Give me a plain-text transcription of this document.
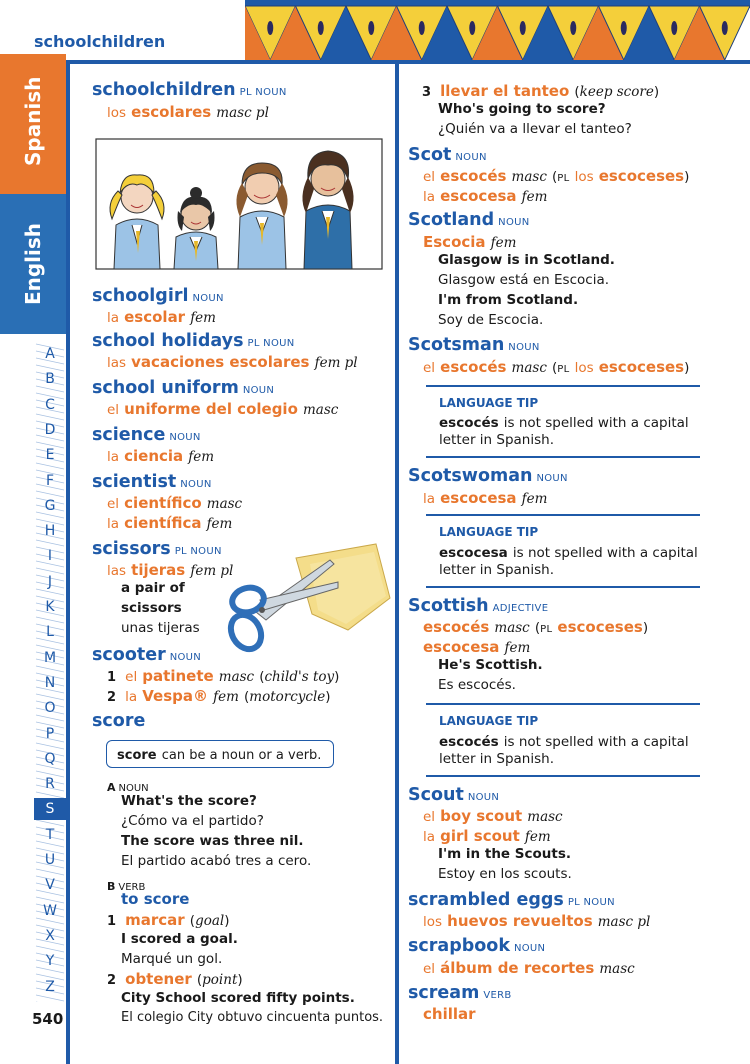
schoolchildren
Spanish
English
A
B
C
D
E
F
G
H
I
J
K
L
M
N
O
P
Q
R
S
T
U
V
W
X
Y
Z
540
schoolchildren PL NOUN
los escolares masc pl
schoolgirl NOUN
la escolar fem
school holidays PL NOUN
las vacaciones escolares fem pl
school uniform NOUN
el uniforme del colegio masc
science NOUN
la ciencia fem
scientist NOUN
el científico masc
la científica fem
scissors PL NOUN
las tijeras fem pl
a pair of
scissors
unas tijeras
scooter NOUN
1 el patinete masc (child's toy)
2 la Vespa® fem (motorcycle)
score
score can be a noun or a verb.
A NOUN
What's the score?
¿Cómo va el partido?
The score was three nil.
El partido acabó tres a cero.
B VERB
to score
1 marcar (goal)
I scored a goal.
Marqué un gol.
2 obtener (point)
City School scored fifty points.
El colegio City obtuvo cincuenta puntos.
3 llevar el tanteo (keep score)
Who's going to score?
¿Quién va a llevar el tanteo?
Scot NOUN
el escocés masc (PL los escoceses)
la escocesa fem
Scotland NOUN
Escocia fem
Glasgow is in Scotland.
Glasgow está en Escocia.
I'm from Scotland.
Soy de Escocia.
Scotsman NOUN
el escocés masc (PL los escoceses)
LANGUAGE TIP
escocés is not spelled with a capital
letter in Spanish.
Scotswoman NOUN
la escocesa fem
LANGUAGE TIP
escocesa is not spelled with a capital
letter in Spanish.
Scottish ADJECTIVE
escocés masc (PL escoceses)
escocesa fem
He's Scottish.
Es escocés.
LANGUAGE TIP
escocés is not spelled with a capital
letter in Spanish.
Scout NOUN
el boy scout masc
la girl scout fem
I'm in the Scouts.
Estoy en los scouts.
scrambled eggs PL NOUN
los huevos revueltos masc pl
scrapbook NOUN
el álbum de recortes masc
scream VERB
chillar
